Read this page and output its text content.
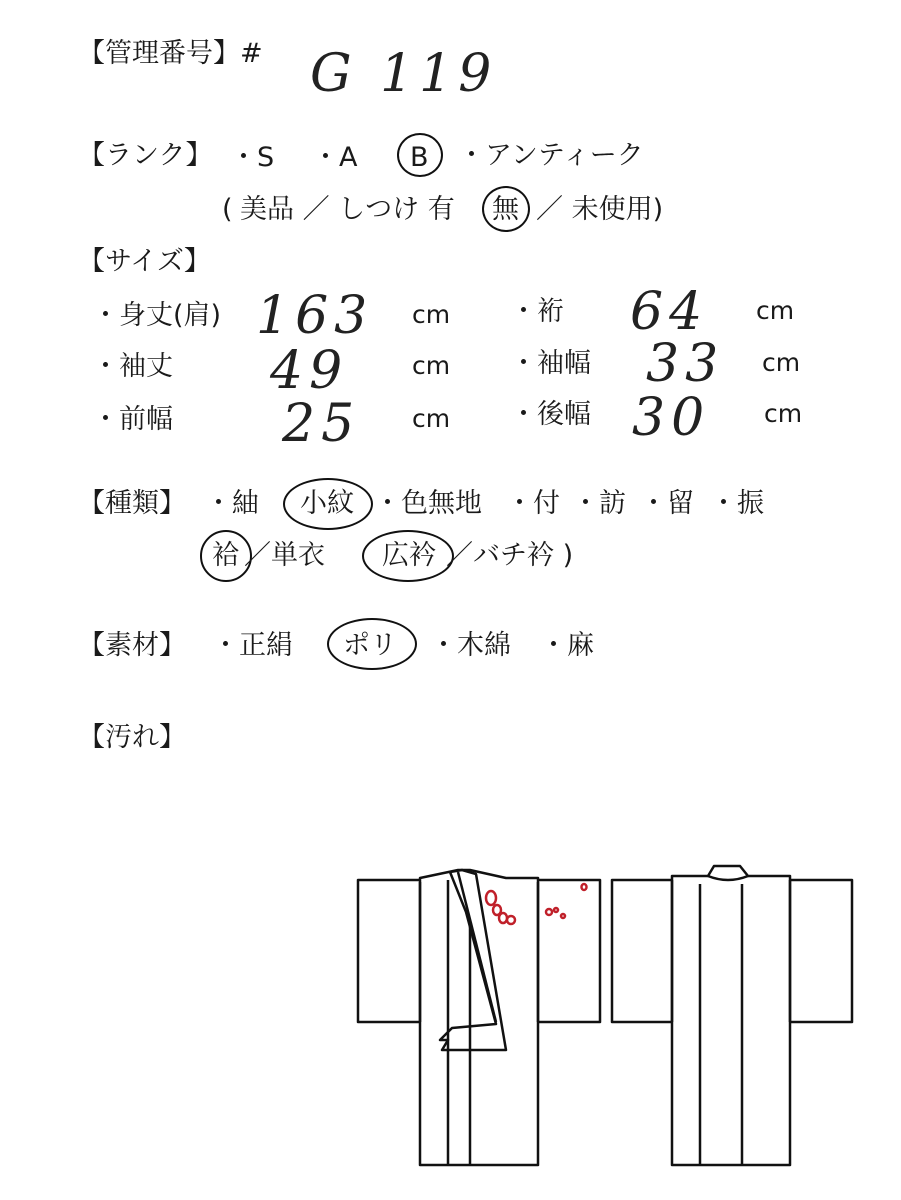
【管理番号】# G 119
【ランク】 ・S ・A B ・アンティーク
( 美品 ／ しつけ 有 無 ／ 未使用)
【サイズ】
・身丈(肩) 163 cm ・裄 64 cm
・袖丈 49	cm ・袖幅 33 cm
・前幅 25 cm ・後幅 30 cm
【種類】 ・紬 小紋 ・色無地 ・付 ・訪 ・留 ・振
袷 ／単衣 広衿 ／バチ衿 )
【素材】 ・正絹 ポリ ・木綿 ・麻
【汚れ】
